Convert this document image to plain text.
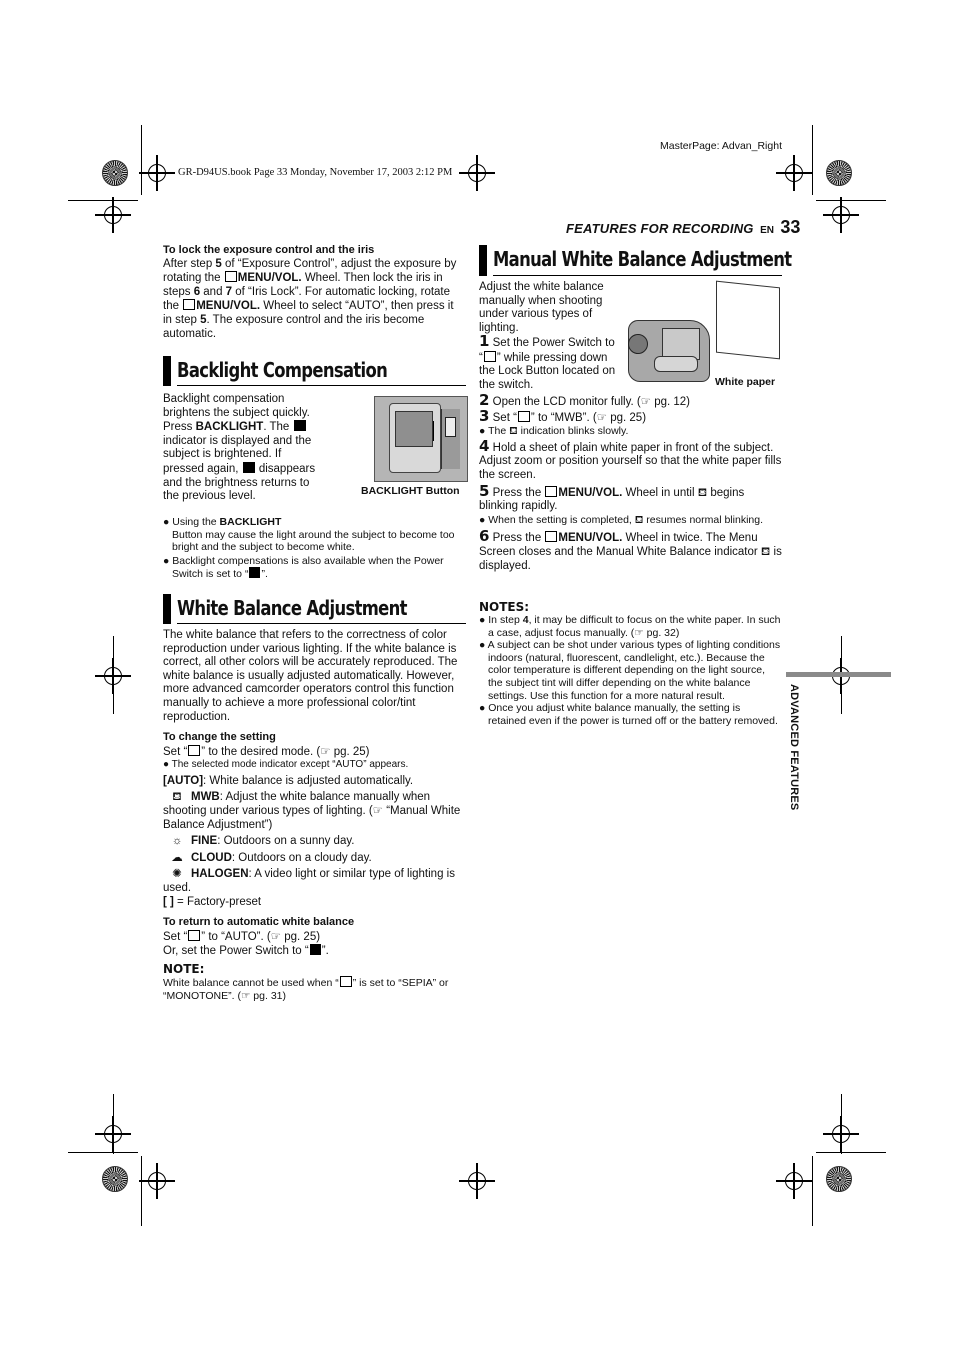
MasterPage: Advan_Right
GR-D94US.book Page 33 Monday, November 17, 2003 2:12 PM
FEATURES FOR RECORDING EN 33
ADVANCED FEATURES
To lock the exposure control and the iris
After step 5 of “Exposure Control”, adjust the exposure by rotating the MENU/VOL. Wheel. Then lock the iris in steps 6 and 7 of “Iris Lock”. For automatic locking, rotate the MENU/VOL. Wheel to select “AUTO”, then press it in step 5. The exposure control and the iris become automatic.
Backlight Compensation
Backlight compensation brightens the subject quickly. Press BACKLIGHT. The  indicator is displayed and the subject is brightened. If pressed again,  disappears and the brightness returns to the previous level.	BACKLIGHT Button
● Using the BACKLIGHT
Button may cause the light around the subject to become too bright and the subject to become white.
● Backlight compensations is also available when the Power Switch is set to “ ”.
White Balance Adjustment
The white balance that refers to the correctness of color reproduction under various lighting. If the white balance is correct, all other colors will be accurately reproduced. The white balance is usually adjusted automatically. However, more advanced camcorder operators control this function manually to achieve a more professional color/tint reproduction.
To change the setting
Set “ ” to the desired mode. (☞ pg. 25)
● The selected mode indicator except “AUTO” appears.
[AUTO]: White balance is adjusted automatically.
⛾ MWB: Adjust the white balance manually when shooting under various types of lighting. (☞ “Manual White Balance Adjustment”)
☼ FINE: Outdoors on a sunny day.
☁ CLOUD: Outdoors on a cloudy day.
✺ HALOGEN: A video light or similar type of lighting is used.
[ ] = Factory-preset
To return to automatic white balance
Set “ ” to “AUTO”. (☞ pg. 25)
Or, set the Power Switch to “ ”.
NOTE:
White balance cannot be used when “ ” is set to “SEPIA” or “MONOTONE”. (☞ pg. 31)
Manual White Balance Adjustment
Adjust the white balance manually when shooting under various types of lighting.
White paper
1 Set the Power Switch to “ ” while pressing down the Lock Button located on the switch.
2 Open the LCD monitor fully. (☞ pg. 12)
3 Set “ ” to “MWB”. (☞ pg. 25)
● The ⛾ indication blinks slowly.
4 Hold a sheet of plain white paper in front of the subject. Adjust zoom or position yourself so that the white paper fills the screen.
5 Press the MENU/VOL. Wheel in until ⛾ begins blinking rapidly.
● When the setting is completed, ⛾ resumes normal blinking.
6 Press the MENU/VOL. Wheel in twice. The Menu Screen closes and the Manual White Balance indicator ⛾ is displayed.
NOTES:
● In step 4, it may be difficult to focus on the white paper. In such a case, adjust focus manually. (☞ pg. 32)
● A subject can be shot under various types of lighting conditions indoors (natural, fluorescent, candlelight, etc.). Because the color temperature is different depending on the light source, the subject tint will differ depending on the white balance settings. Use this function for a more natural result.
● Once you adjust white balance manually, the setting is retained even if the power is turned off or the battery removed.
